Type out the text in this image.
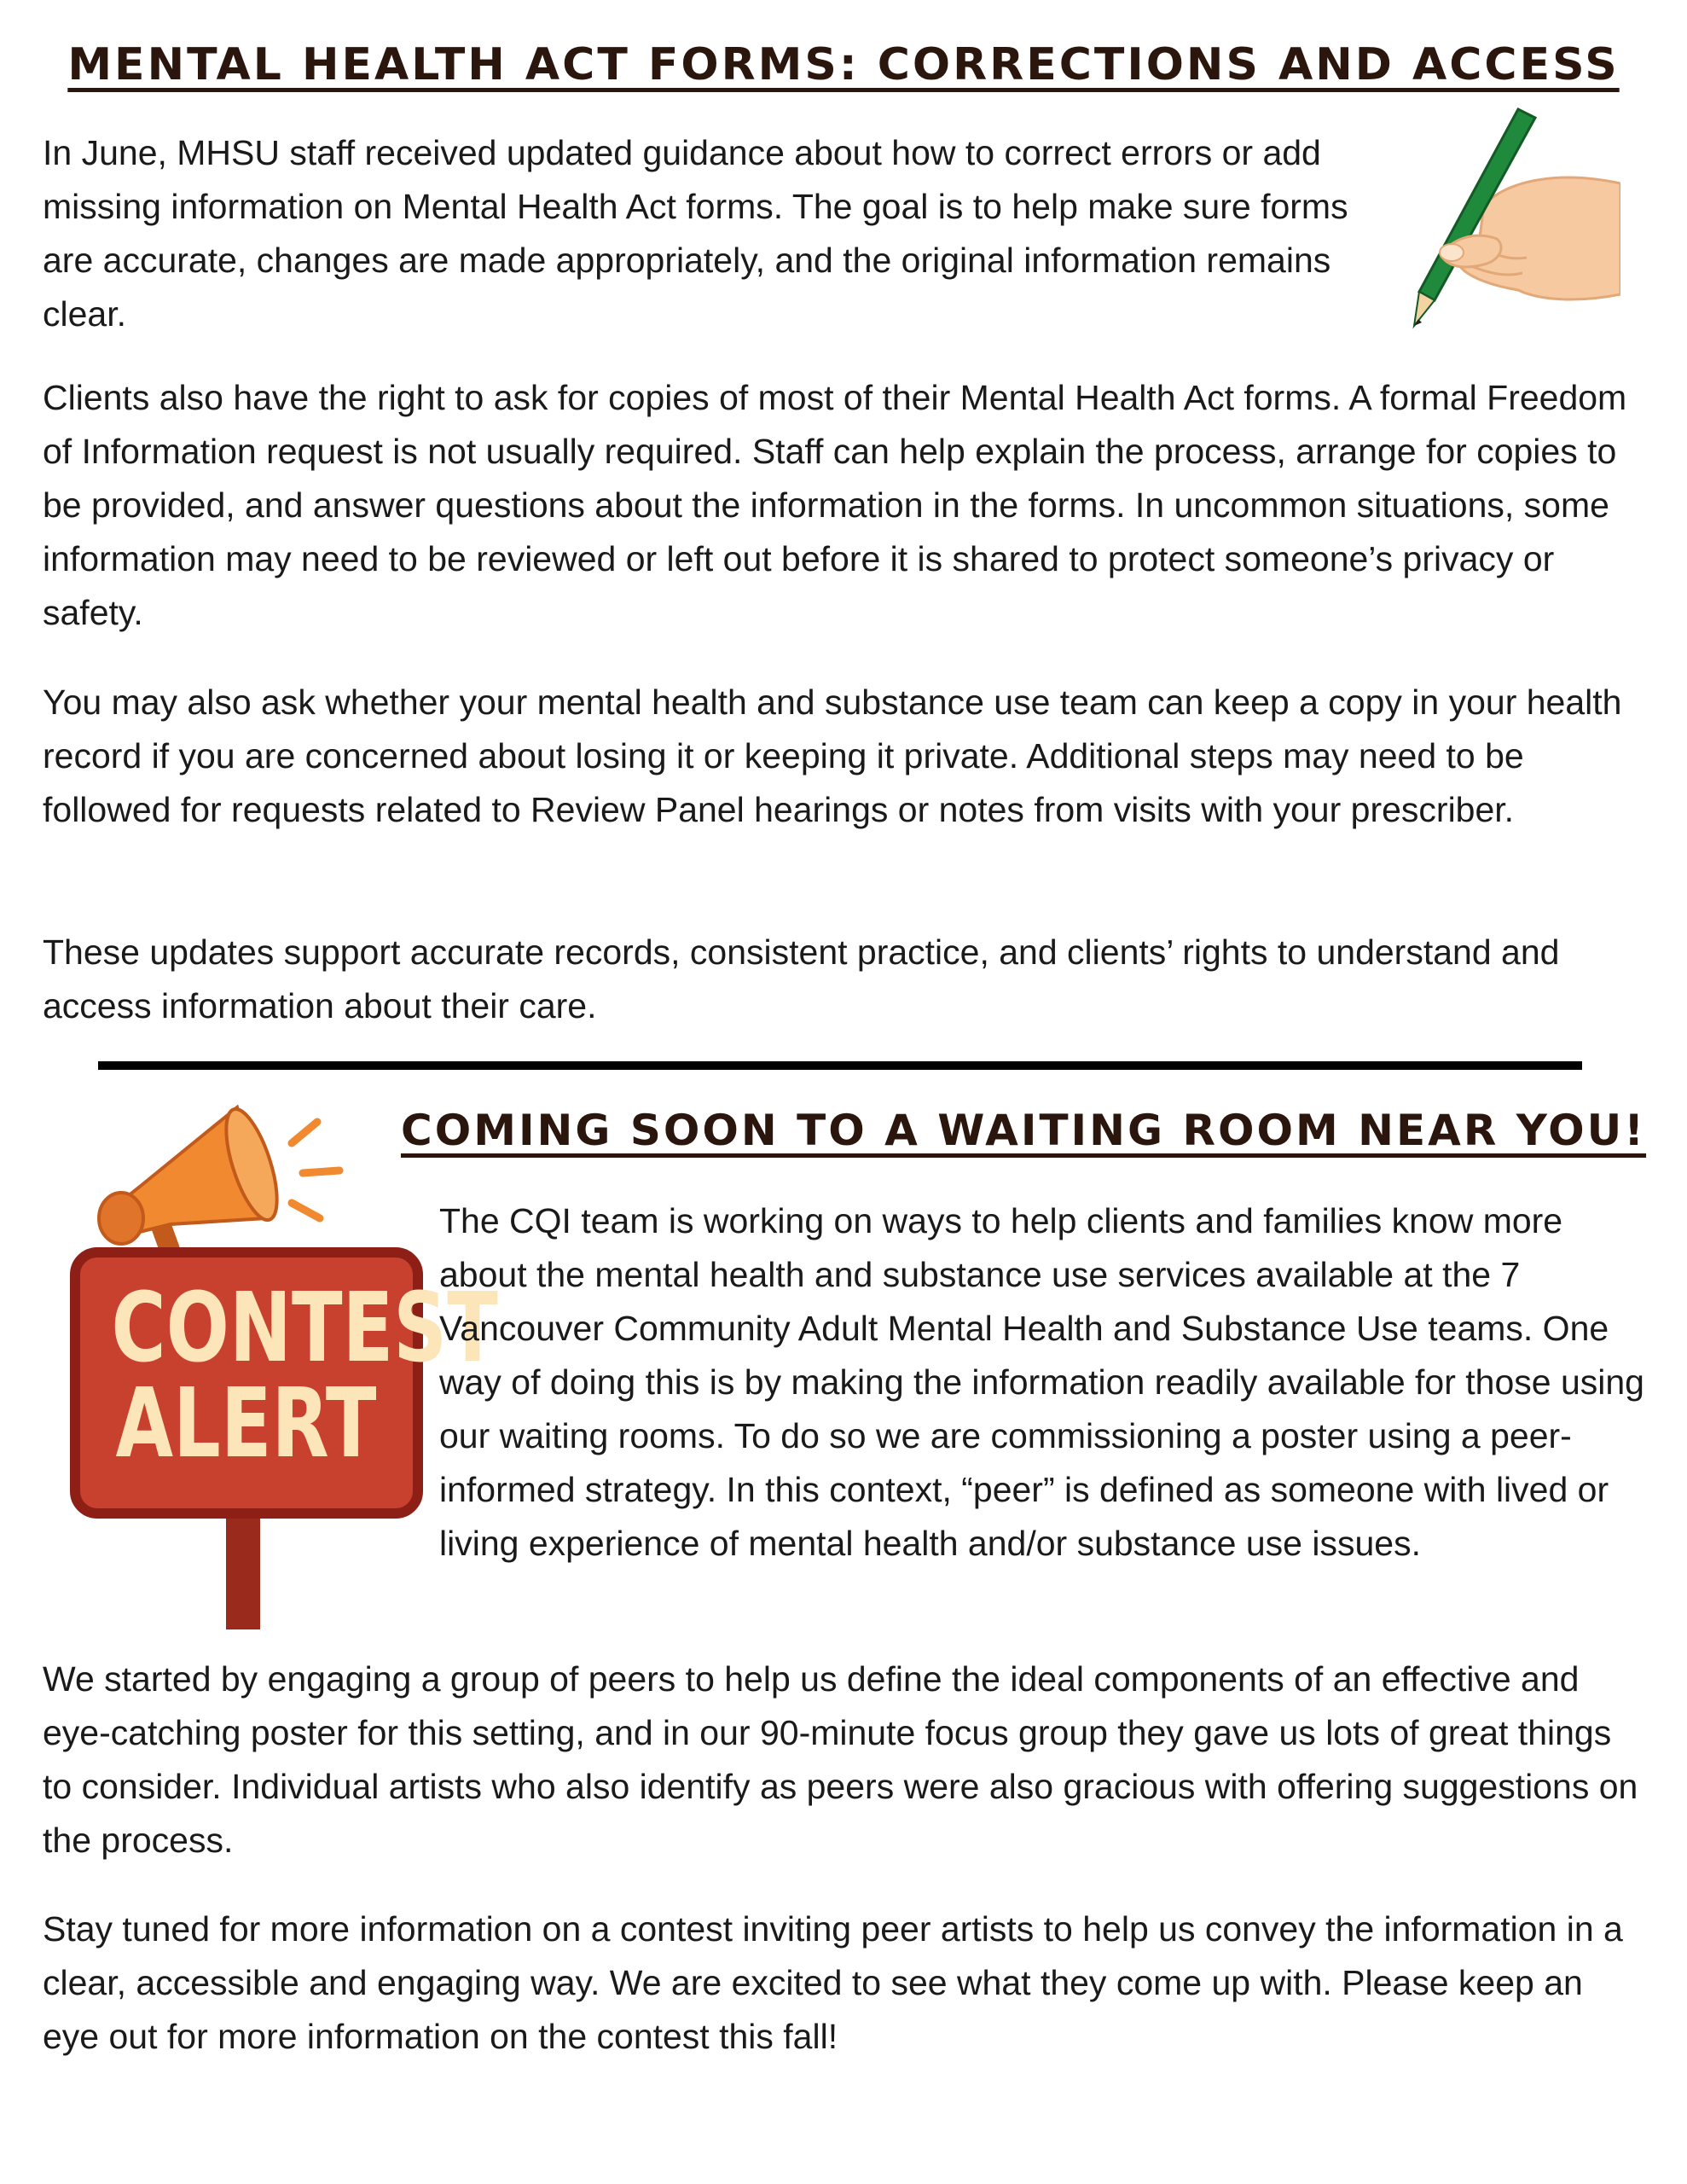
MENTAL HEALTH ACT FORMS: CORRECTIONS AND ACCESS

In June, MHSU staff received updated guidance about how to correct errors or add missing information on Mental Health Act forms. The goal is to help make sure forms are accurate, changes are made appropriately, and the original information remains clear.

Clients also have the right to ask for copies of most of their Mental Health Act forms. A formal Freedom of Information request is not usually required. Staff can help explain the process, arrange for copies to be provided, and answer questions about the information in the forms. In uncommon situations, some information may need to be reviewed or left out before it is shared to protect someone’s privacy or safety.

You may also ask whether your mental health and substance use team can keep a copy in your health record if you are concerned about losing it or keeping it private. Additional steps may need to be followed for requests related to Review Panel hearings or notes from visits with your prescriber.

These updates support accurate records, consistent practice, and clients’ rights to understand and access information about their care.

CONTEST
ALERT
COMING SOON TO A WAITING ROOM NEAR YOU!

The CQI team is working on ways to help clients and families know more about the mental health and substance use services available at the 7 Vancouver Community Adult Mental Health and Substance Use teams. One way of doing this is by making the information readily available for those using our waiting rooms. To do so we are commissioning a poster using a peer-informed strategy. In this context, “peer” is defined as someone with lived or living experience of mental health and/or substance use issues.

We started by engaging a group of peers to help us define the ideal components of an effective and eye-catching poster for this setting, and in our 90-minute focus group they gave us lots of great things to consider. Individual artists who also identify as peers were also gracious with offering suggestions on the process.

Stay tuned for more information on a contest inviting peer artists to help us convey the information in a clear, accessible and engaging way. We are excited to see what they come up with. Please keep an eye out for more information on the contest this fall!
